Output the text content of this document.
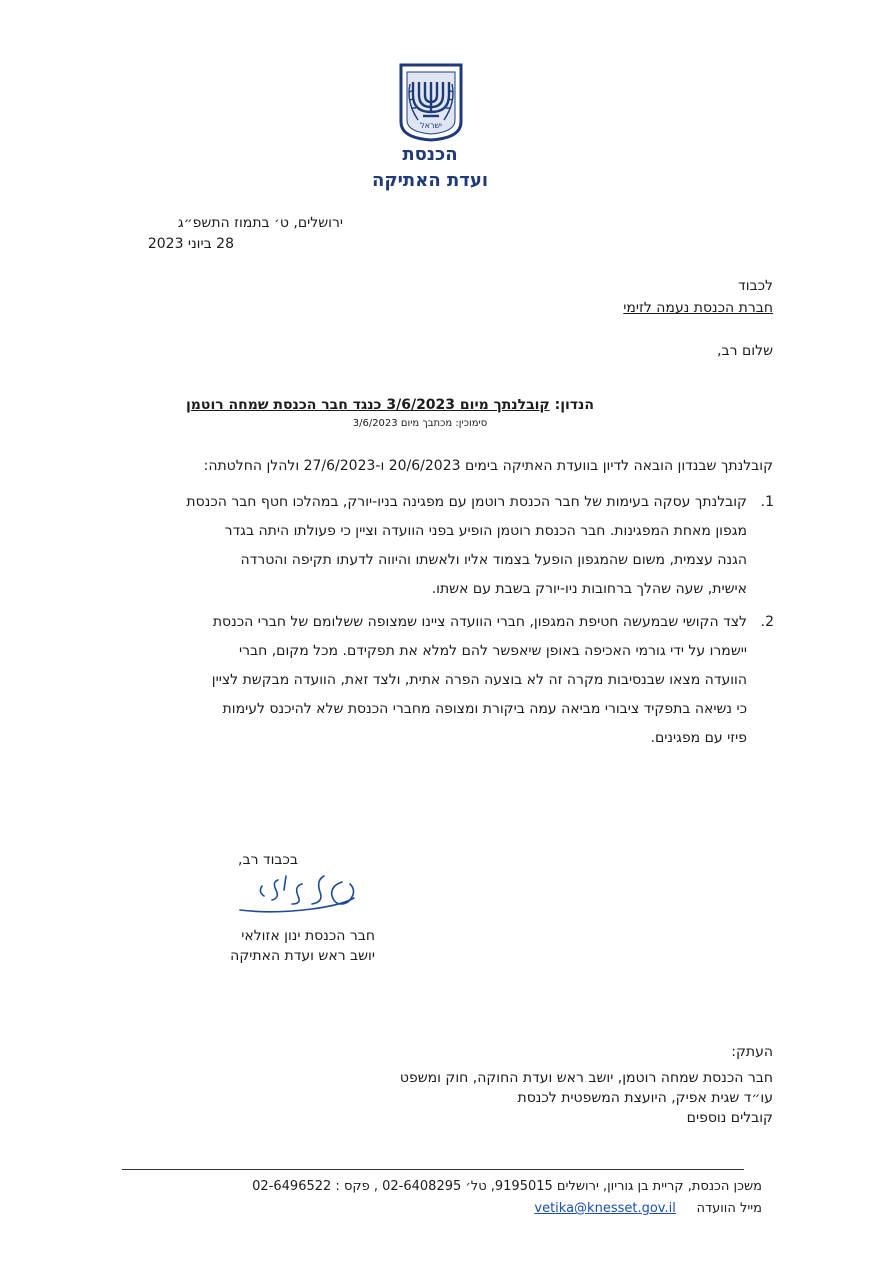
ישראל
הכנסת
ועדת האתיקה
ירושלים, ט׳ בתמוז התשפ״ג
28 ביוני 2023
לכבוד
חברת הכנסת נעמה לזימי
שלום רב,
הנדון: קובלנתך מיום 3/6/2023 כנגד חבר הכנסת שמחה רוטמן
סימוכין: מכתבך מיום 3/6/2023
קובלנתך שבנדון הובאה לדיון בוועדת האתיקה בימים 20/6/2023 ו-27/6/2023 ולהלן החלטתה:
1.
קובלנתך עסקה בעימות של חבר הכנסת רוטמן עם מפגינה בניו-יורק, במהלכו חטף חבר הכנסת
מגפון מאחת המפגינות. חבר הכנסת רוטמן הופיע בפני הוועדה וציין כי פעולתו היתה בגדר
הגנה עצמית, משום שהמגפון הופעל בצמוד אליו ולאשתו והיווה לדעתו תקיפה והטרדה
אישית, שעה שהלך ברחובות ניו-יורק בשבת עם אשתו.
2.
לצד הקושי שבמעשה חטיפת המגפון, חברי הוועדה ציינו שמצופה ששלומם של חברי הכנסת
יישמרו על ידי גורמי האכיפה באופן שיאפשר להם למלא את תפקידם. מכל מקום, חברי
הוועדה מצאו שבנסיבות מקרה זה לא בוצעה הפרה אתית, ולצד זאת, הוועדה מבקשת לציין
כי נשיאה בתפקיד ציבורי מביאה עמה ביקורת ומצופה מחברי הכנסת שלא להיכנס לעימות
פיזי עם מפגינים.
בכבוד רב,
חבר הכנסת ינון אזולאי
יושב ראש ועדת האתיקה
העתק:
חבר הכנסת שמחה רוטמן, יושב ראש ועדת החוקה, חוק ומשפט
עו״ד שגית אפיק, היועצת המשפטית לכנסת
קובלים נוספים
משכן הכנסת, קריית בן גוריון, ירושלים 9195015, טל׳ 02-6408295 , פקס : 02-6496522
מייל הוועדה     vetika@knesset.gov.il
